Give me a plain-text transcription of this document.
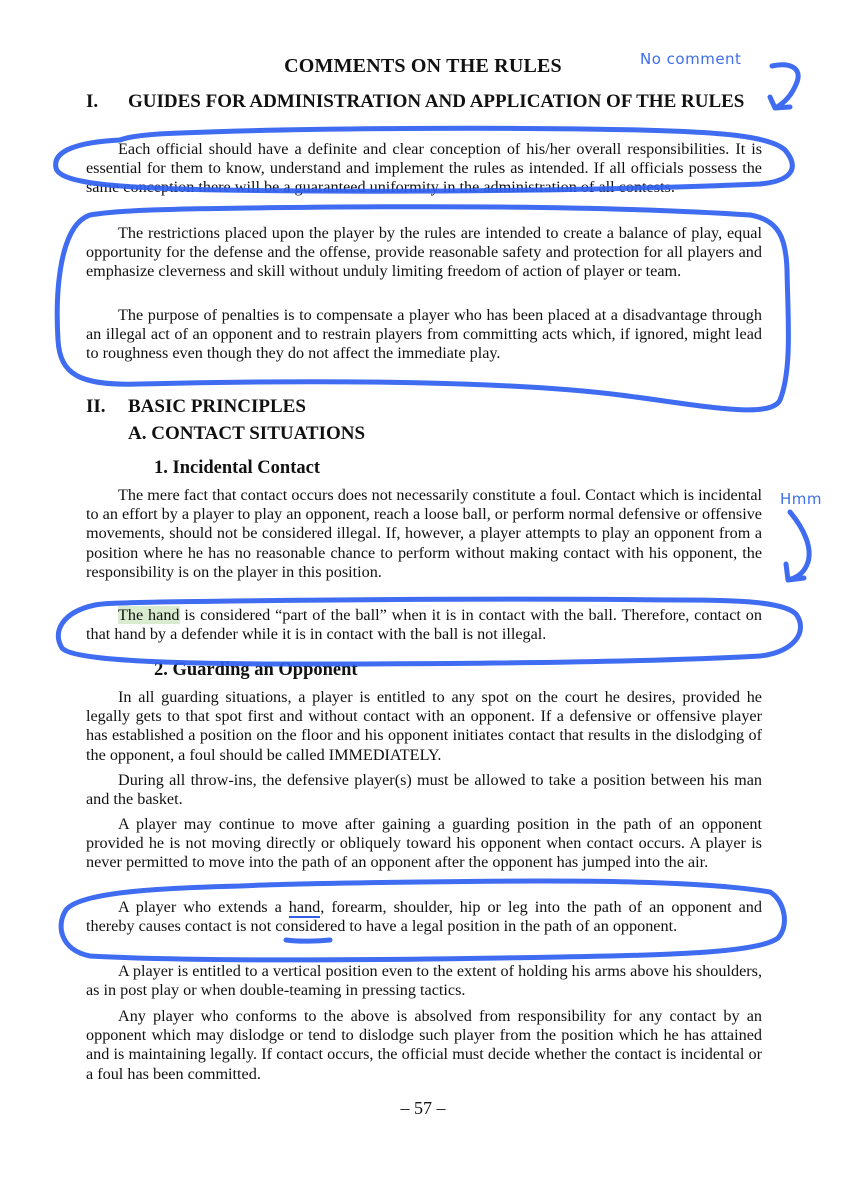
COMMENTS ON THE RULES
I. GUIDES FOR ADMINISTRATION AND APPLICATION OF THE RULES

Each official should have a definite and clear conception of his/her overall responsibilities. It is essential for them to know, understand and implement the rules as intended. If all officials possess the same conception there will be a guaranteed uniformity in the administration of all contests.

The restrictions placed upon the player by the rules are intended to create a balance of play, equal opportunity for the defense and the offense, provide reasonable safety and protection for all players and emphasize cleverness and skill without unduly limiting freedom of action of player or team.

The purpose of penalties is to compensate a player who has been placed at a disadvantage through an illegal act of an opponent and to restrain players from committing acts which, if ignored, might lead to roughness even though they do not affect the immediate play.

II. BASIC PRINCIPLES
A. CONTACT SITUATIONS
1. Incidental Contact

The mere fact that contact occurs does not necessarily constitute a foul. Contact which is incidental to an effort by a player to play an opponent, reach a loose ball, or perform normal defensive or offensive movements, should not be considered illegal. If, however, a player attempts to play an opponent from a position where he has no reasonable chance to perform without making contact with his opponent, the responsibility is on the player in this position.

The hand is considered “part of the ball” when it is in contact with the ball. Therefore, contact on that hand by a defender while it is in contact with the ball is not illegal.

2. Guarding an Opponent

In all guarding situations, a player is entitled to any spot on the court he desires, provided he legally gets to that spot first and without contact with an opponent. If a defensive or offensive player has established a position on the floor and his opponent initiates contact that results in the dislodging of the opponent, a foul should be called IMMEDIATELY.

During all throw-ins, the defensive player(s) must be allowed to take a position between his man and the basket.

A player may continue to move after gaining a guarding position in the path of an opponent provided he is not moving directly or obliquely toward his opponent when contact occurs. A player is never permitted to move into the path of an opponent after the opponent has jumped into the air.

A player who extends a hand, forearm, shoulder, hip or leg into the path of an opponent and thereby causes contact is not considered to have a legal position in the path of an opponent.

A player is entitled to a vertical position even to the extent of holding his arms above his shoulders, as in post play or when double-teaming in pressing tactics.

Any player who conforms to the above is absolved from responsibility for any contact by an opponent which may dislodge or tend to dislodge such player from the position which he has attained and is maintaining legally. If contact occurs, the official must decide whether the contact is incidental or a foul has been committed.

– 57 –
No comment
Hmm
